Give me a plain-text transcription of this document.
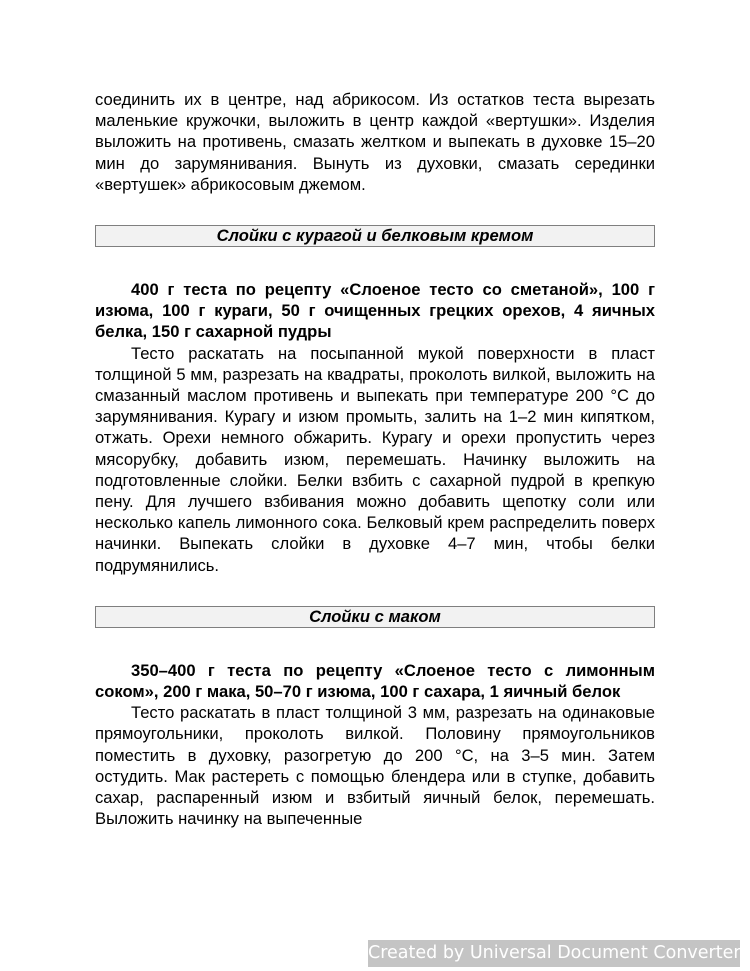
соединить их в центре, над абрикосом. Из остатков теста вырезать маленькие кружочки, выложить в центр каждой «вертушки». Изделия выложить на противень, смазать желтком и выпекать в духовке 15–20 мин до зарумянивания. Вынуть из духовки, смазать серединки «вертушек» абрикосовым джемом.

Слойки с курагой и белковым кремом

400 г теста по рецепту «Слоеное тесто со сметаной», 100 г изюма, 100 г кураги, 50 г очищенных грецких орехов, 4 яичных белка, 150 г сахарной пудры

Тесто раскатать на посыпанной мукой поверхности в пласт толщиной 5 мм, разрезать на квадраты, проколоть вилкой, выложить на смазанный маслом противень и выпекать при температуре 200 °С до зарумянивания. Курагу и изюм промыть, залить на 1–2 мин кипятком, отжать. Орехи немного обжарить. Курагу и орехи пропустить через мясорубку, добавить изюм, перемешать. Начинку выложить на подготовленные слойки. Белки взбить с сахарной пудрой в крепкую пену. Для лучшего взбивания можно добавить щепотку соли или несколько капель лимонного сока. Белковый крем распределить поверх начинки. Выпекать слойки в духовке 4–7 мин, чтобы белки подрумянились.

Слойки с маком

350–400 г теста по рецепту «Слоеное тесто с лимонным соком», 200 г мака, 50–70 г изюма, 100 г сахара, 1 яичный белок

Тесто раскатать в пласт толщиной 3 мм, разрезать на одинаковые прямоугольники, проколоть вилкой. Половину прямоугольников поместить в духовку, разогретую до 200 °С, на 3–5 мин. Затем остудить. Мак растереть с помощью блендера или в ступке, добавить сахар, распаренный изюм и взбитый яичный белок, перемешать. Выложить начинку на выпеченные

Created by Universal Document Converter
